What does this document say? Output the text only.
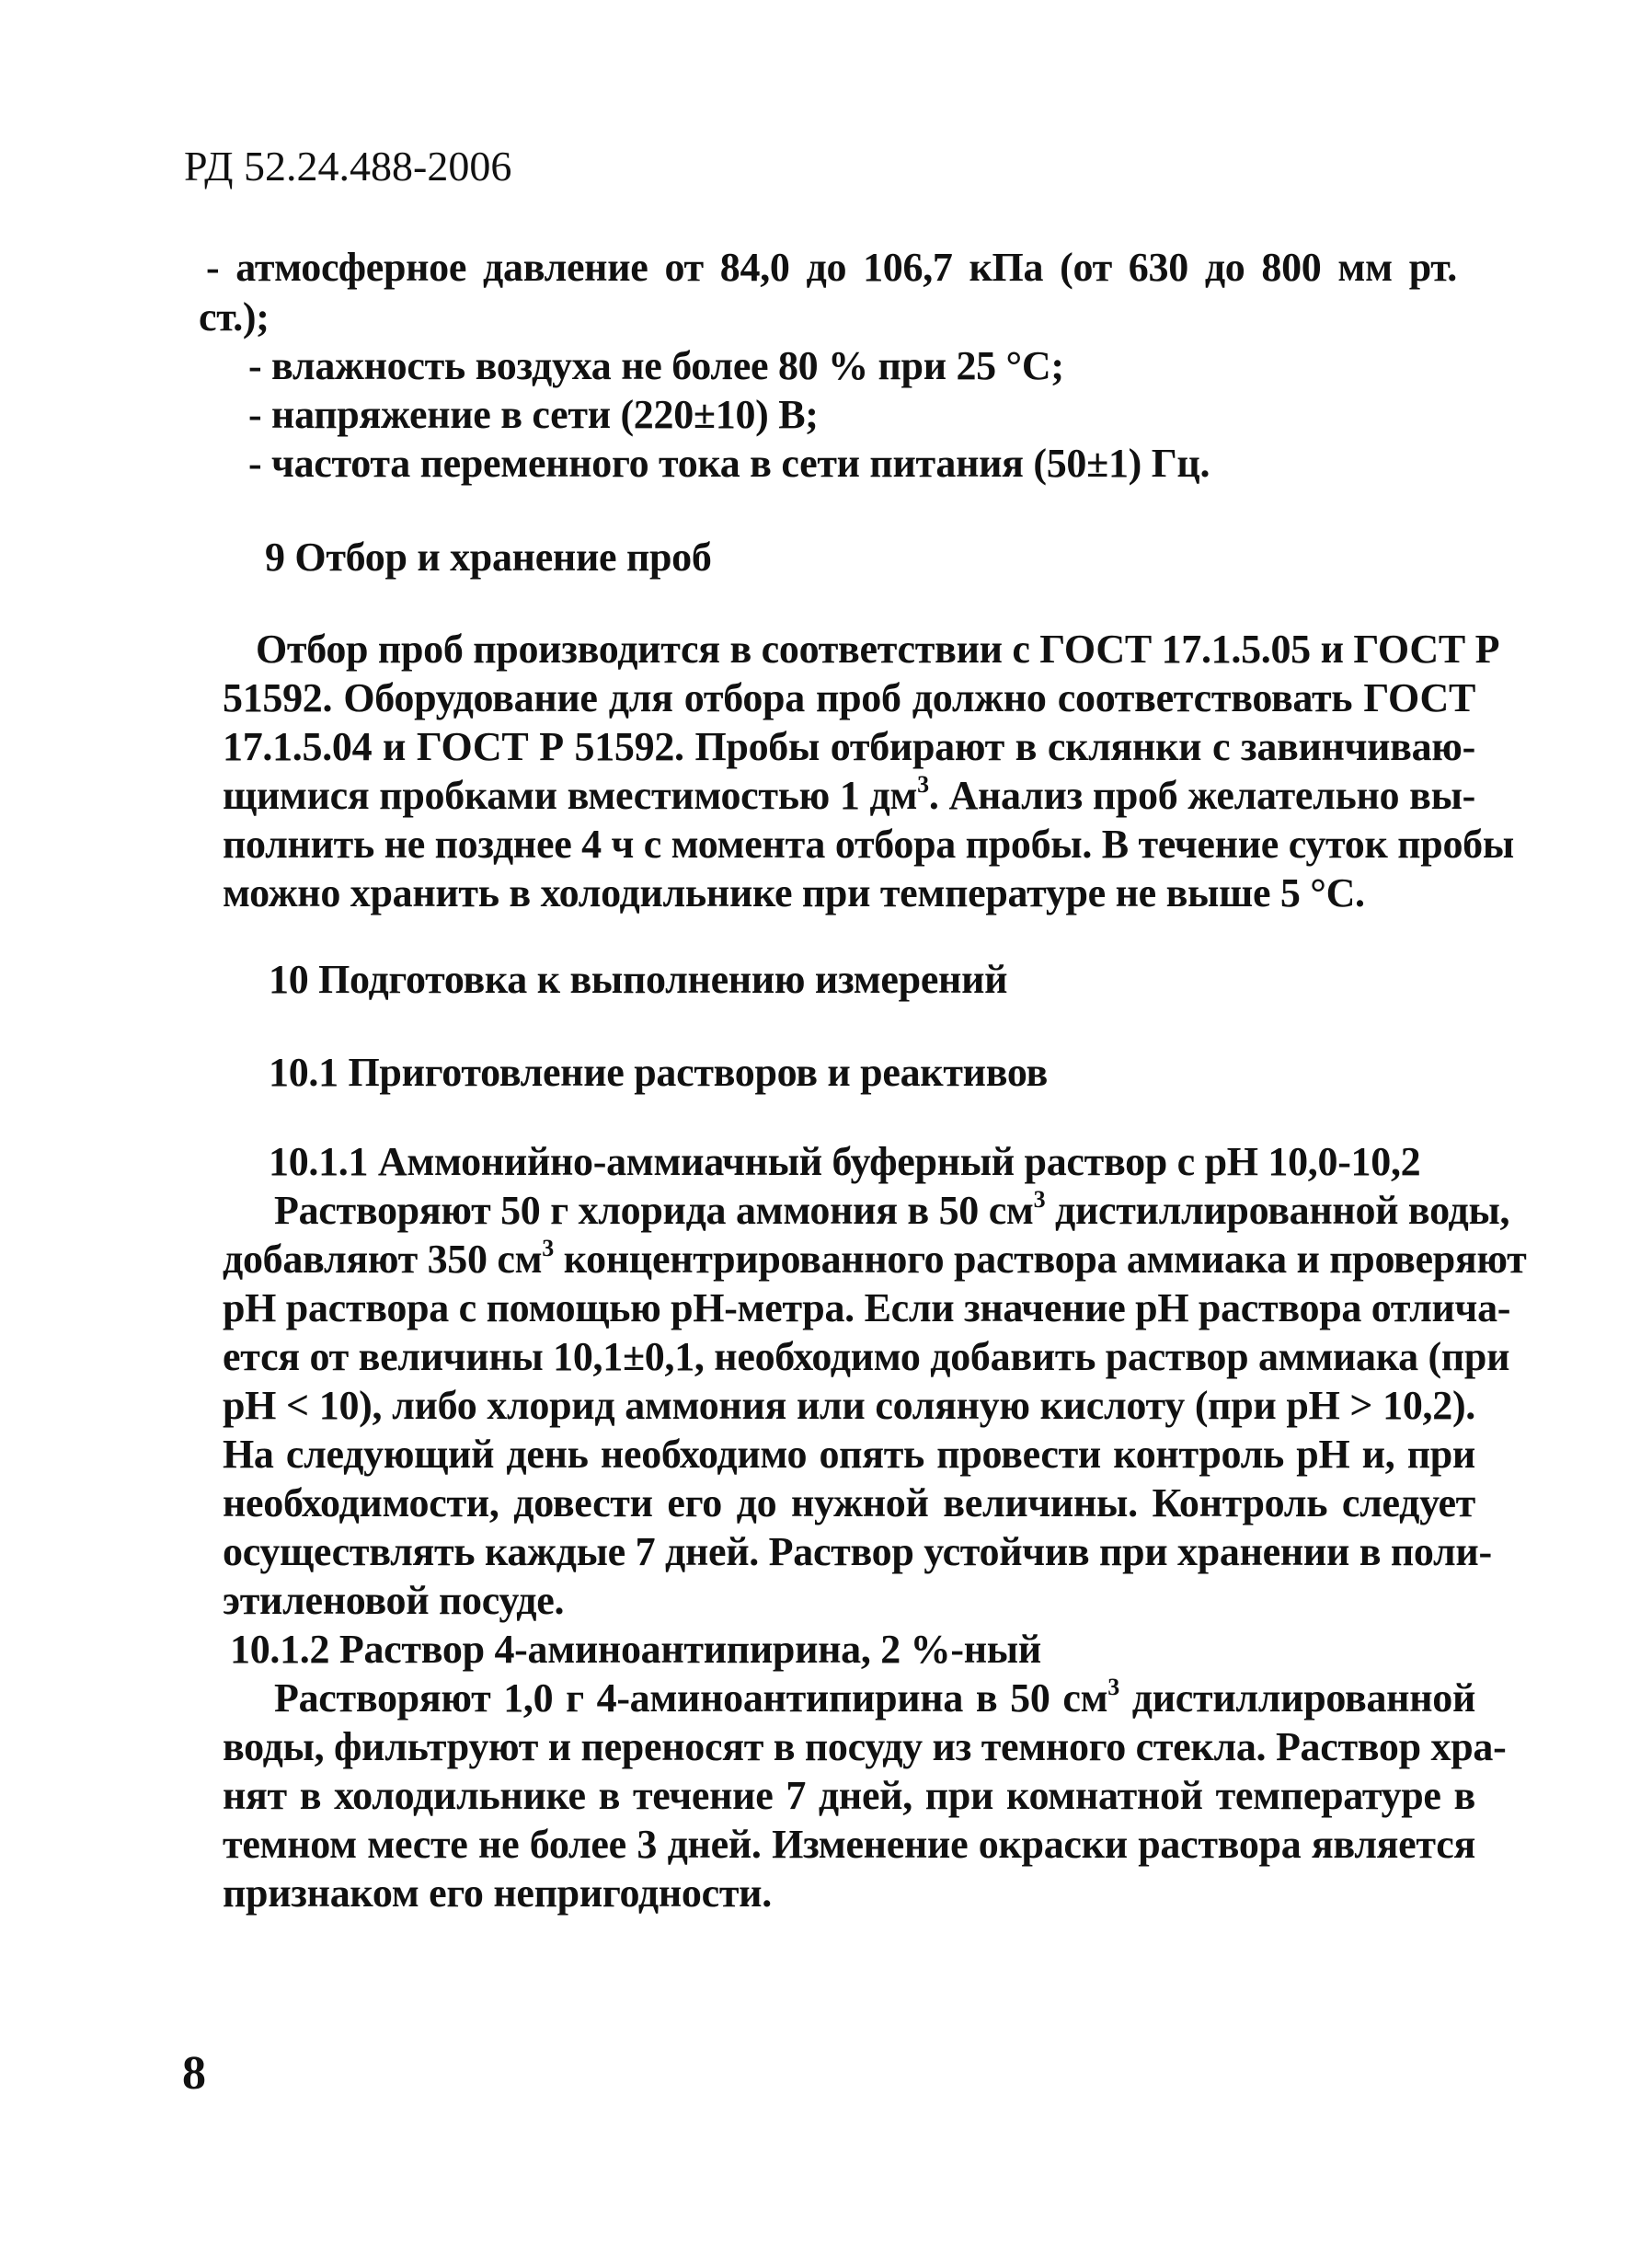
РД 52.24.488-2006

- атмосферное давление от 84,0 до 106,7 кПа (от 630 до 800 мм рт.
ст.);
- влажность воздуха не более 80 % при 25 °С;
- напряжение в сети (220±10) В;
- частота переменного тока в сети питания (50±1) Гц.
9 Отбор и хранение проб
Отбор проб производится в соответствии с ГОСТ 17.1.5.05 и ГОСТ Р
51592. Оборудование для отбора проб должно соответствовать ГОСТ
17.1.5.04 и ГОСТ Р 51592. Пробы отбирают в склянки с завинчиваю-
щимися пробками вместимостью 1 $дм^3$. Анализ проб желательно вы-
полнить не позднее 4 ч с момента отбора пробы. В течение суток пробы
можно хранить в холодильнике при температуре не выше 5 °С.
10 Подготовка к выполнению измерений
10.1 Приготовление растворов и реактивов
10.1.1 Аммонийно-аммиачный буферный раствор с рН 10,0-10,2
Растворяют 50 г хлорида аммония в 50 $см^3$ дистиллированной воды,
добавляют 350 $см^3$ концентрированного раствора аммиака и проверяют
рН раствора с помощью рН-метра. Если значение рН раствора отлича-
ется от величины 10,1±0,1, необходимо добавить раствор аммиака (при
рН < 10), либо хлорид аммония или соляную кислоту (при рН > 10,2).
На следующий день необходимо опять провести контроль рН и, при
необходимости, довести его до нужной величины. Контроль следует
осуществлять каждые 7 дней. Раствор устойчив при хранении в поли-
этиленовой посуде.
10.1.2 Раствор 4-аминоантипирина, 2 %-ный
Растворяют 1,0 г 4-аминоантипирина в 50 $см^3$ дистиллированной
воды, фильтруют и переносят в посуду из темного стекла. Раствор хра-
нят в холодильнике в течение 7 дней, при комнатной температуре в
темном месте не более 3 дней. Изменение окраски раствора является
признаком его непригодности.

8
